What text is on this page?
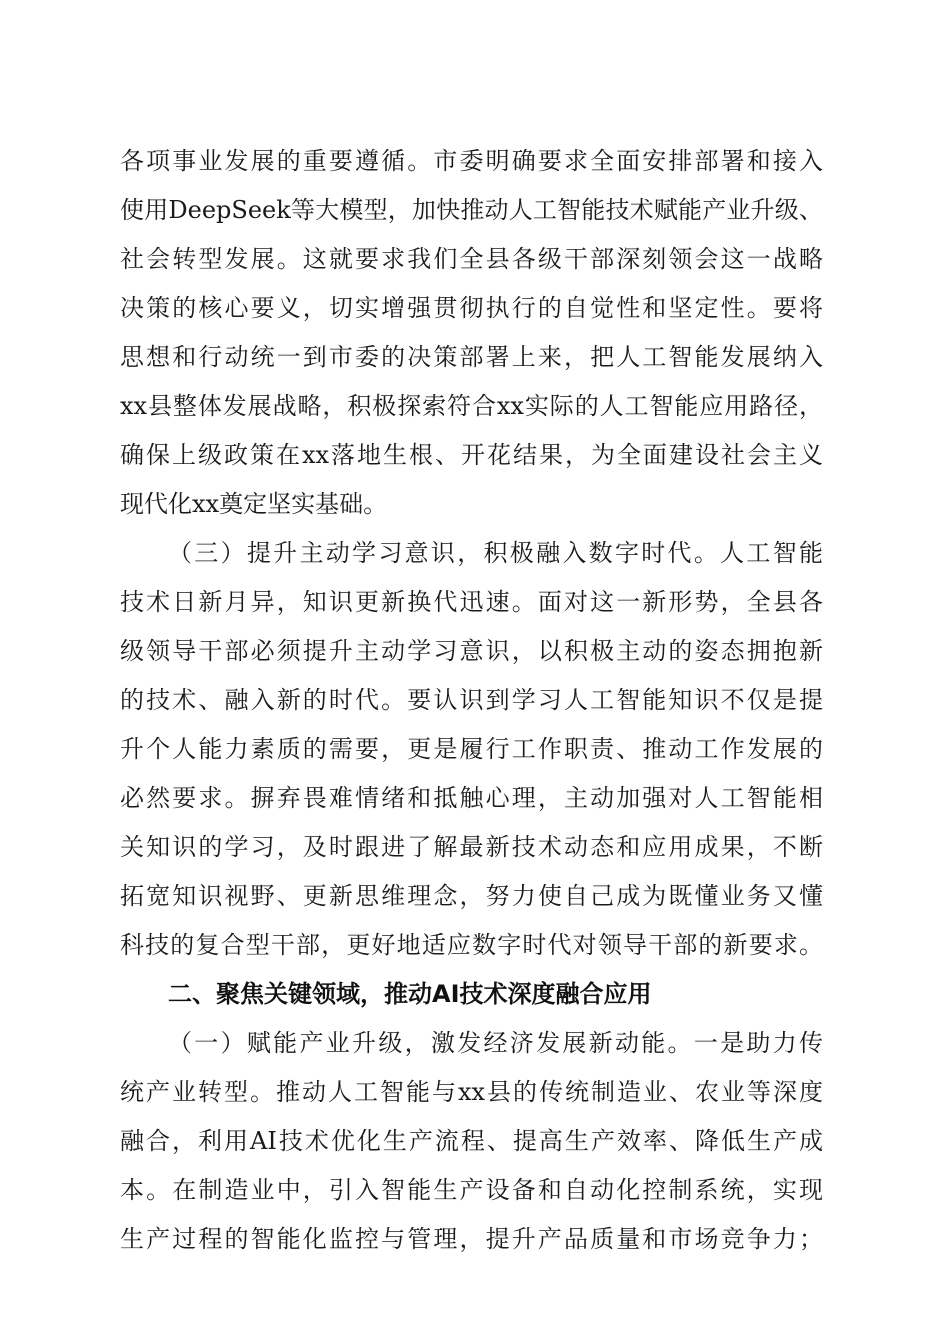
各项事业发展的重要遵循。市委明确要求全面安排部署和接入
使用DeepSeek等大模型，加快推动人工智能技术赋能产业升级、
社会转型发展。这就要求我们全县各级干部深刻领会这一战略
决策的核心要义，切实增强贯彻执行的自觉性和坚定性。要将
思想和行动统一到市委的决策部署上来，把人工智能发展纳入
xx县整体发展战略，积极探索符合xx实际的人工智能应用路径，
确保上级政策在xx落地生根、开花结果，为全面建设社会主义
现代化xx奠定坚实基础。
（三）提升主动学习意识，积极融入数字时代。人工智能
技术日新月异，知识更新换代迅速。面对这一新形势，全县各
级领导干部必须提升主动学习意识，以积极主动的姿态拥抱新
的技术、融入新的时代。要认识到学习人工智能知识不仅是提
升个人能力素质的需要，更是履行工作职责、推动工作发展的
必然要求。摒弃畏难情绪和抵触心理，主动加强对人工智能相
关知识的学习，及时跟进了解最新技术动态和应用成果，不断
拓宽知识视野、更新思维理念，努力使自己成为既懂业务又懂
科技的复合型干部，更好地适应数字时代对领导干部的新要求。
二、聚焦关键领域，推动AI技术深度融合应用
（一）赋能产业升级，激发经济发展新动能。一是助力传
统产业转型。推动人工智能与xx县的传统制造业、农业等深度
融合，利用AI技术优化生产流程、提高生产效率、降低生产成
本。在制造业中，引入智能生产设备和自动化控制系统，实现
生产过程的智能化监控与管理，提升产品质量和市场竞争力；
